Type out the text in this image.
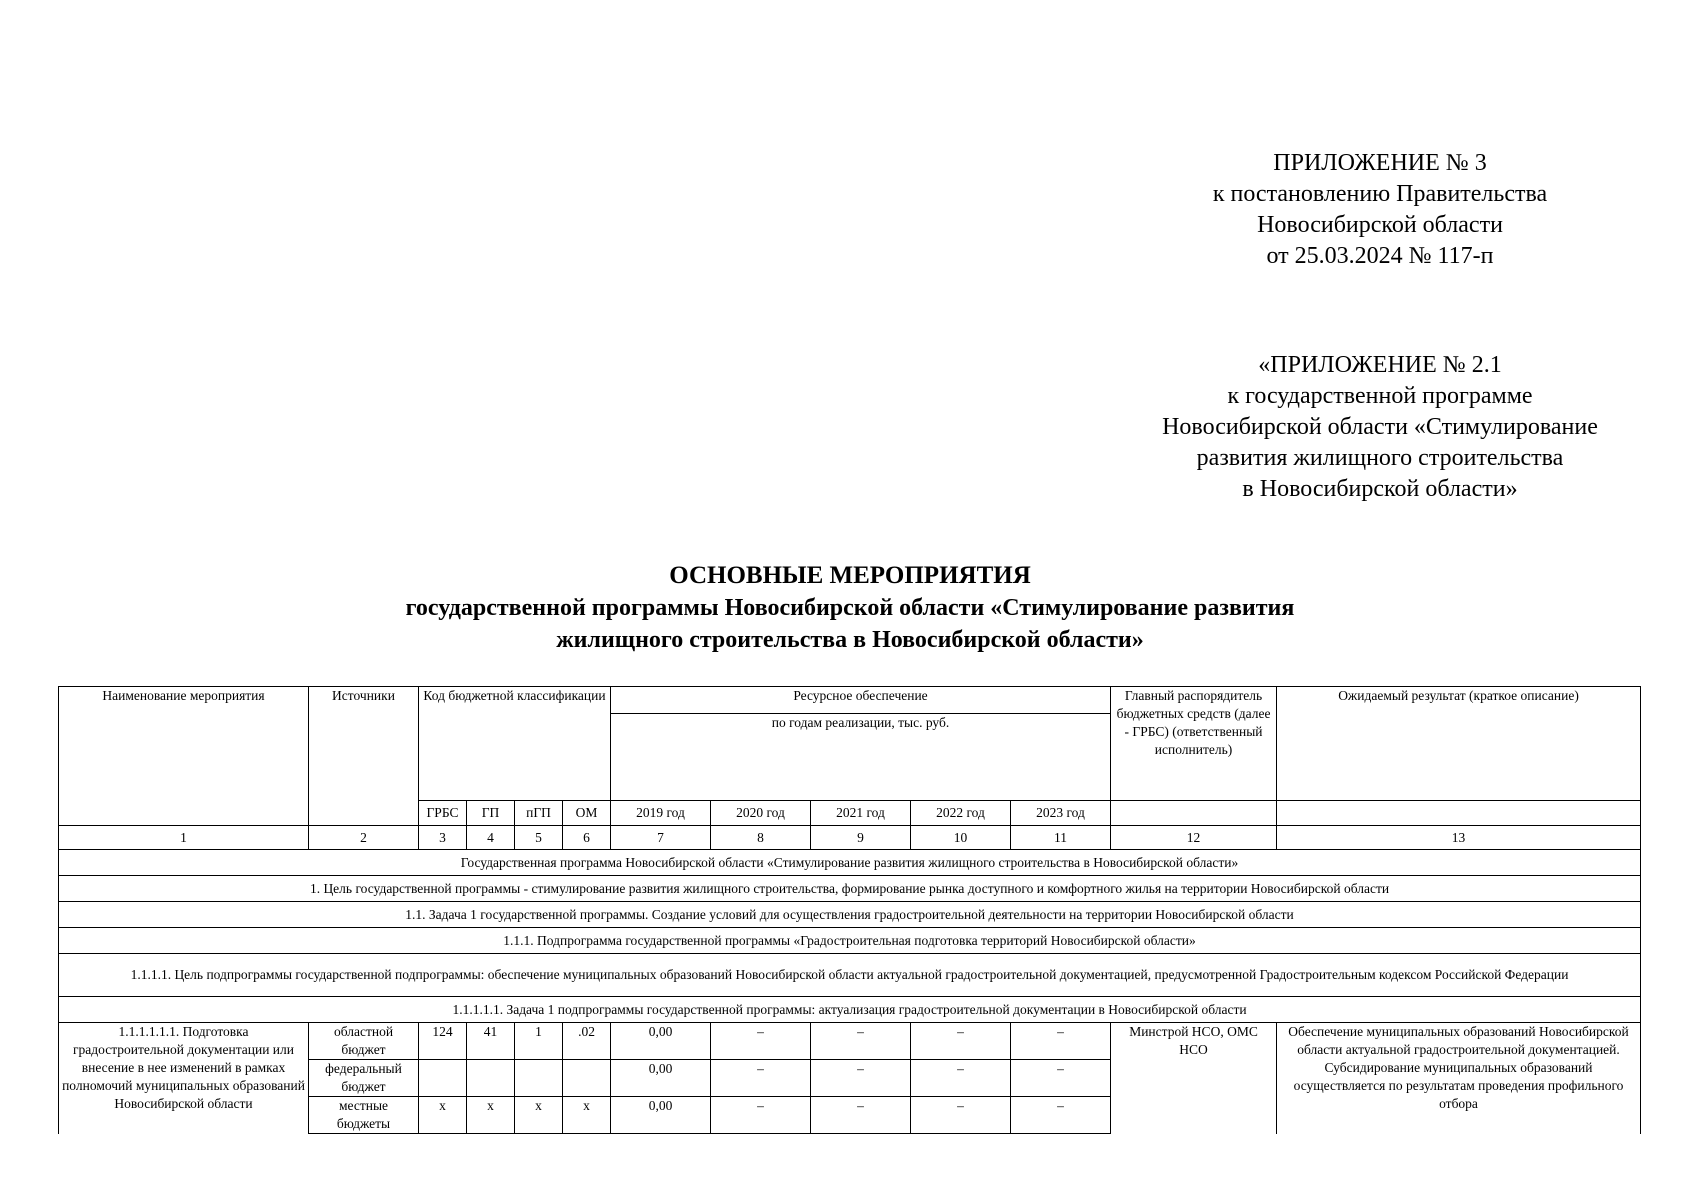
ПРИЛОЖЕНИЕ № 3
к постановлению Правительства
Новосибирской области
от 25.03.2024 № 117-п
«ПРИЛОЖЕНИЕ № 2.1
к государственной программе
Новосибирской области «Стимулирование
развития жилищного строительства
в Новосибирской области»
ОСНОВНЫЕ МЕРОПРИЯТИЯ
государственной программы Новосибирской области «Стимулирование развития
жилищного строительства в Новосибирской области»
Наименование мероприятия	Источники	Код бюджетной классификации				Ресурсное обеспечение					Главный распорядитель бюджетных средств (далее - ГРБС) (ответственный исполнитель)	Ожидаемый результат (краткое описание)
						по годам реализации, тыс. руб.						
		ГРБС	ГП	пГП	ОМ	2019 год	2020 год	2021 год	2022 год	2023 год		
1	2	3	4	5	6	7	8	9	10	11	12	13
Государственная программа Новосибирской области «Стимулирование развития жилищного строительства в Новосибирской области»												
1. Цель государственной программы - стимулирование развития жилищного строительства, формирование рынка доступного и комфортного жилья на территории Новосибирской области												
1.1. Задача 1 государственной программы. Создание условий для осуществления градостроительной деятельности на территории Новосибирской области												
1.1.1. Подпрограмма государственной программы «Градостроительная подготовка территорий Новосибирской области»												
1.1.1.1. Цель подпрограммы государственной подпрограммы: обеспечение муниципальных образований Новосибирской области актуальной градостроительной документацией, предусмотренной Градостроительным кодексом Российской Федерации												
1.1.1.1.1. Задача 1 подпрограммы государственной программы: актуализация градостроительной документации в Новосибирской области												
1.1.1.1.1.1. Подготовка градостроительной документации или внесение в нее изменений в рамках полномочий муниципальных образований Новосибирской области	областной бюджет	124	41	1	.02	0,00	–	–	–	–	Минстрой НСО, ОМС НСО	Обеспечение муниципальных образований Новосибирской области актуальной градостроительной документацией. Субсидирование муниципальных образований осуществляется по результатам проведения профильного отбора
	федеральный бюджет					0,00	–	–	–	–		
	местные бюджеты	x	x	x	x	0,00	–	–	–	–		
